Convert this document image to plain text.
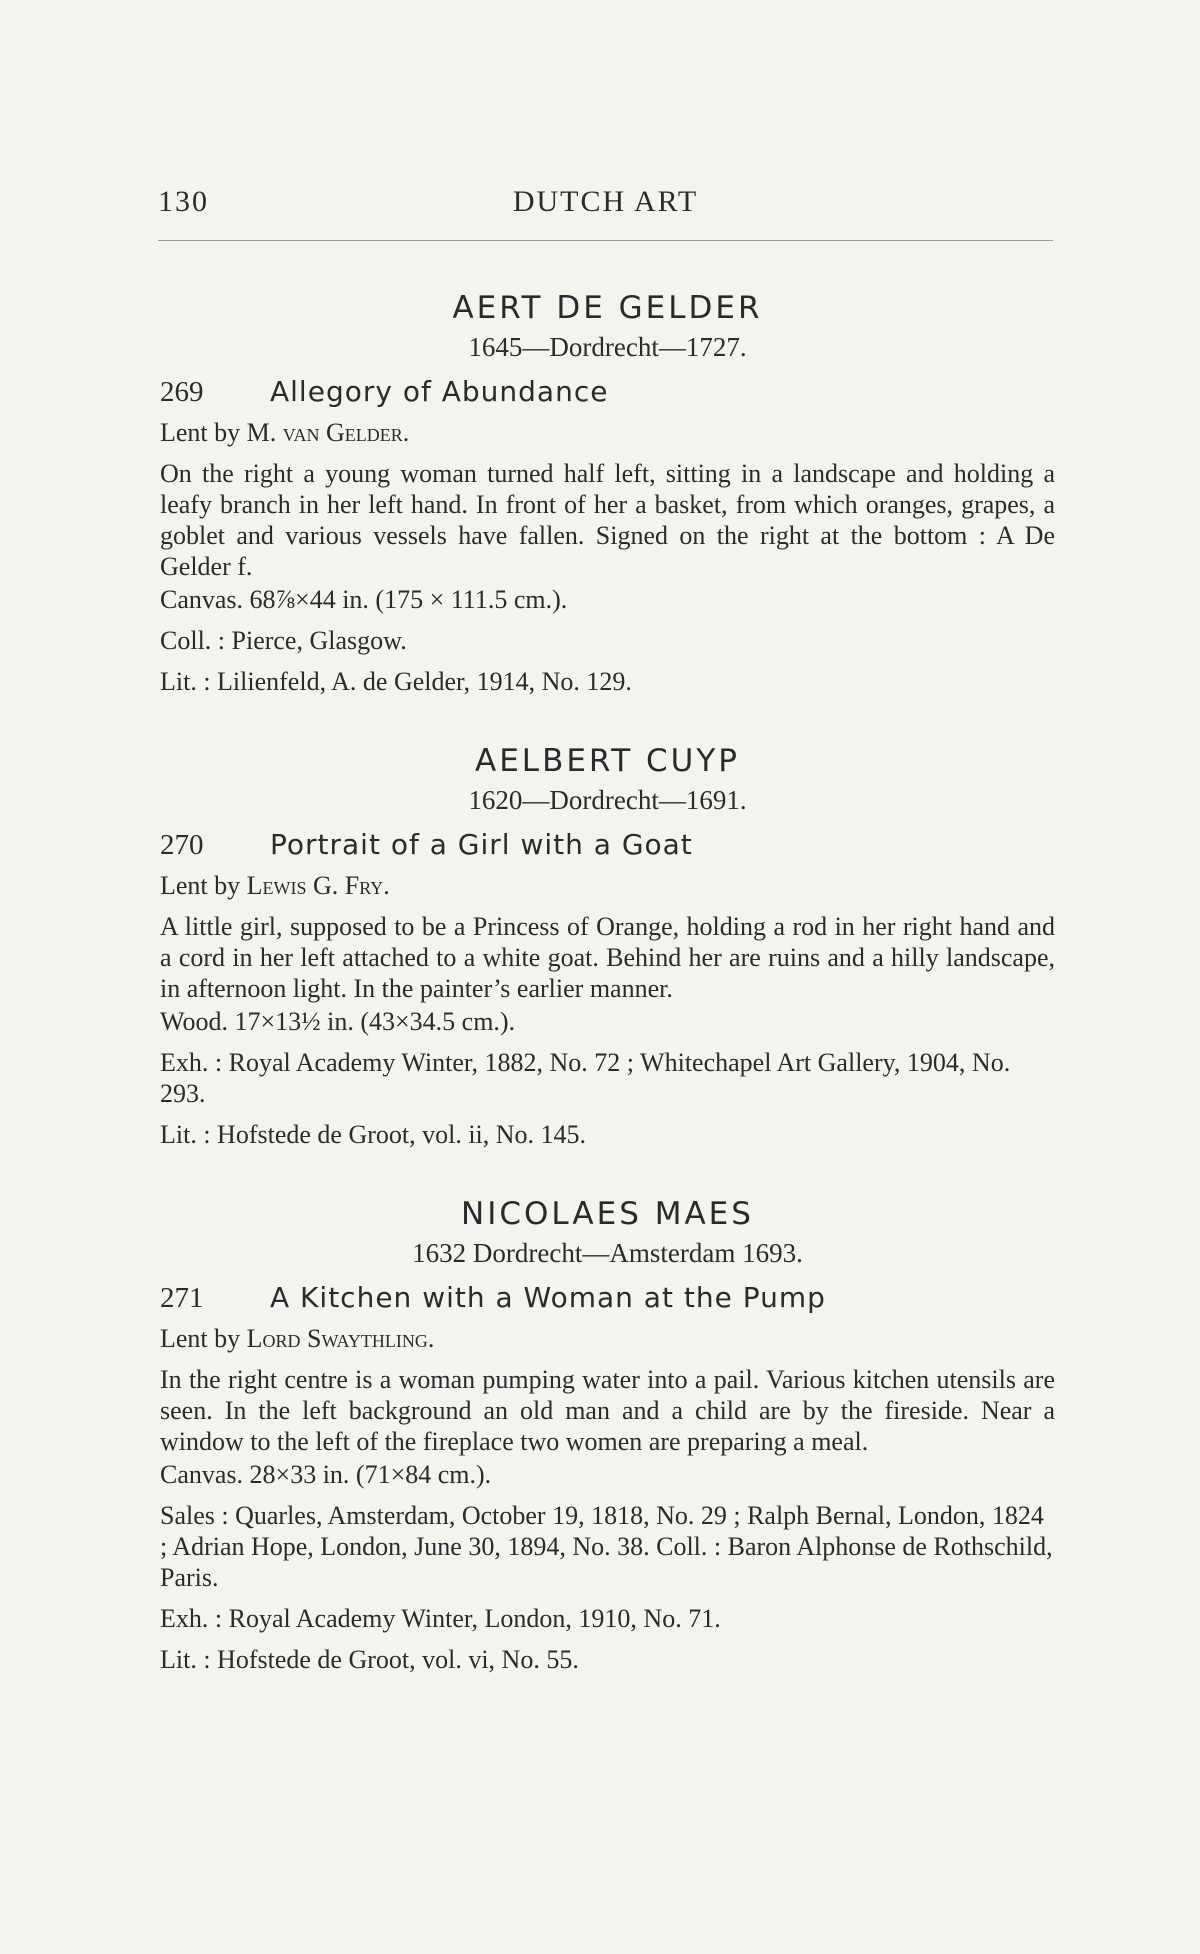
130	DUTCH ART
AERT DE GELDER
1645—Dordrecht—1727.
269	Allegory of Abundance
Lent by M. van Gelder.
On the right a young woman turned half left, sitting in a landscape and holding a leafy branch in her left hand. In front of her a basket, from which oranges, grapes, a goblet and various vessels have fallen. Signed on the right at the bottom : A De Gelder f.
Canvas. 68⅞×44 in. (175 × 111.5 cm.).
Coll. : Pierce, Glasgow.
Lit. : Lilienfeld, A. de Gelder, 1914, No. 129.
AELBERT CUYP
1620—Dordrecht—1691.
270	Portrait of a Girl with a Goat
Lent by Lewis G. Fry.
A little girl, supposed to be a Princess of Orange, holding a rod in her right hand and a cord in her left attached to a white goat. Behind her are ruins and a hilly landscape, in afternoon light. In the painter’s earlier manner.
Wood. 17×13½ in. (43×34.5 cm.).
Exh. : Royal Academy Winter, 1882, No. 72 ; Whitechapel Art Gallery, 1904, No. 293.
Lit. : Hofstede de Groot, vol. ii, No. 145.
NICOLAES MAES
1632 Dordrecht—Amsterdam 1693.
271	A Kitchen with a Woman at the Pump
Lent by Lord Swaythling.
In the right centre is a woman pumping water into a pail. Various kitchen utensils are seen. In the left background an old man and a child are by the fireside. Near a window to the left of the fireplace two women are preparing a meal.
Canvas. 28×33 in. (71×84 cm.).
Sales : Quarles, Amsterdam, October 19, 1818, No. 29 ; Ralph Bernal, London, 1824 ; Adrian Hope, London, June 30, 1894, No. 38. Coll. : Baron Alphonse de Rothschild, Paris.
Exh. : Royal Academy Winter, London, 1910, No. 71.
Lit. : Hofstede de Groot, vol. vi, No. 55.
